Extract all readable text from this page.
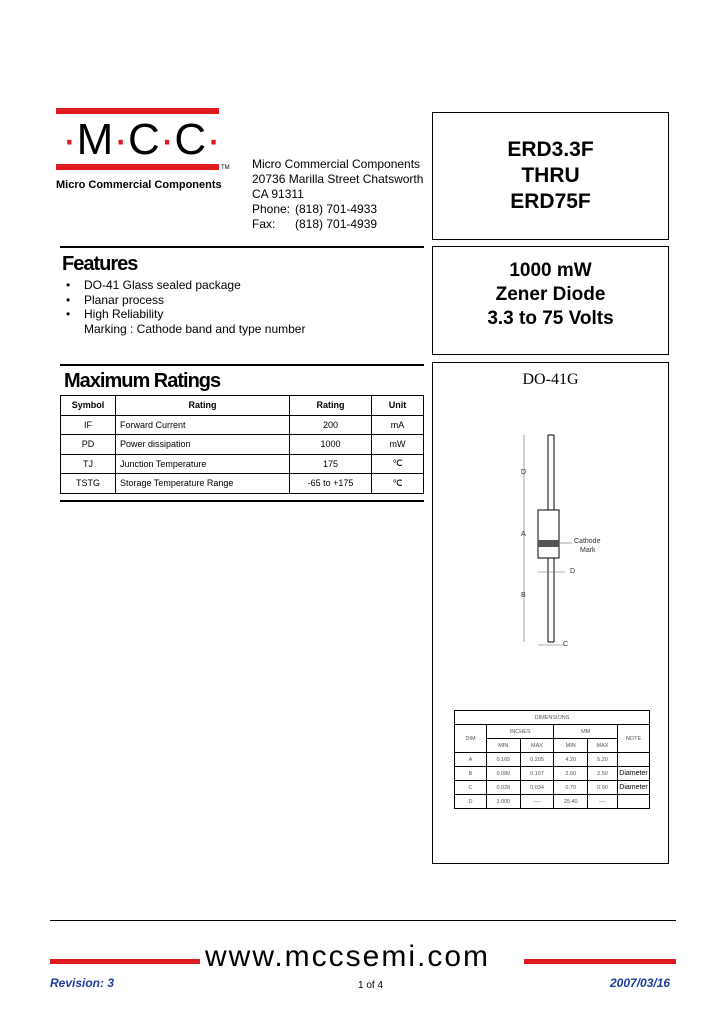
·M·C·C·
TM
Micro Commercial Components
Micro Commercial Components
20736 Marilla Street Chatsworth
CA 91311
Phone: (818) 701-4933
Fax: (818) 701-4939
ERD3.3F
THRU
ERD75F
1000 mW
Zener Diode
3.3 to 75 Volts
Features
• DO-41 Glass sealed package
• Planar process
• High Reliability
Marking : Cathode band and type number
Maximum Ratings
Symbol	Rating	Rating	Unit
IF	Forward Current	200	mA
PD	Power dissipation	1000	mW
TJ	Junction Temperature	175	℃
TSTG	Storage Temperature Range	-65 to +175	℃
DO-41G
D
A
Cathode
Mark
D
B
C
DIMENSIONS					
DIM	INCHES		MM		NOTE
	MIN	MAX	MIN	MAX	
A	0.165	0.205	4.20	5.20	
B	0.080	0.107	2.00	2.50	Diameter
C	0.028	0.034	0.70	0.90	Diameter
D	1.000	----	25.40	----	
www.mccsemi.com
Revision: 3	1 of 4	2007/03/16
